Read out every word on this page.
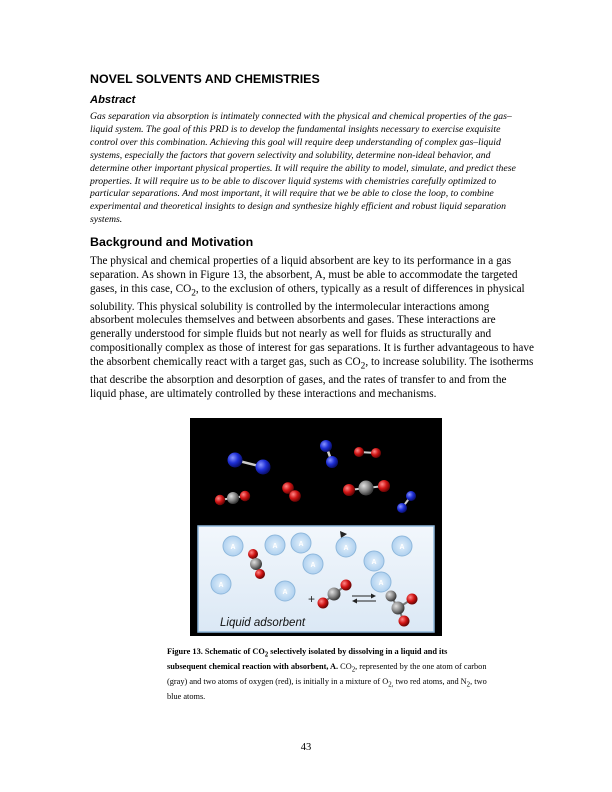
NOVEL SOLVENTS AND CHEMISTRIES
Abstract

Gas separation via absorption is intimately connected with the physical and chemical properties of the gas–liquid system. The goal of this PRD is to develop the fundamental insights necessary to exercise exquisite control over this combination. Achieving this goal will require deep understanding of complex gas–liquid systems, especially the factors that govern selectivity and solubility, determine non-ideal behavior, and determine other important physical properties. It will require the ability to model, simulate, and predict these properties. It will require us to be able to discover liquid systems with chemistries carefully optimized to particular separations. And most important, it will require that we be able to close the loop, to combine experimental and theoretical insights to design and synthesize highly efficient and robust liquid separation systems.

Background and Motivation

The physical and chemical properties of a liquid absorbent are key to its performance in a gas separation. As shown in Figure 13, the absorbent, A, must be able to accommodate the targeted gases, in this case, $CO_2$, to the exclusion of others, typically as a result of differences in physical solubility. This physical solubility is controlled by the intermolecular interactions among absorbent molecules themselves and between absorbents and gases. These interactions are generally understood for simple fluids but not nearly as well for fluids as structurally and compositionally complex as those of interest for gas separations. It is further advantageous to have the absorbent chemically react with a target gas, such as $CO_2$, to increase solubility. The isotherms that describe the absorption and desorption of gases, and the rates of transfer to and from the liquid phase, are ultimately controlled by these interactions and mechanisms.

A	A	A
A	A
A	A
A
A
A
+
Liquid adsorbent

Figure 13. Schematic of $CO_2$ selectively isolated by dissolving in a liquid and its subsequent chemical reaction with absorbent, A. $CO_2$, represented by the one atom of carbon (gray) and two atoms of oxygen (red), is initially in a mixture of $O_{2,}$ two red atoms, and $N_2$, two blue atoms.

43
